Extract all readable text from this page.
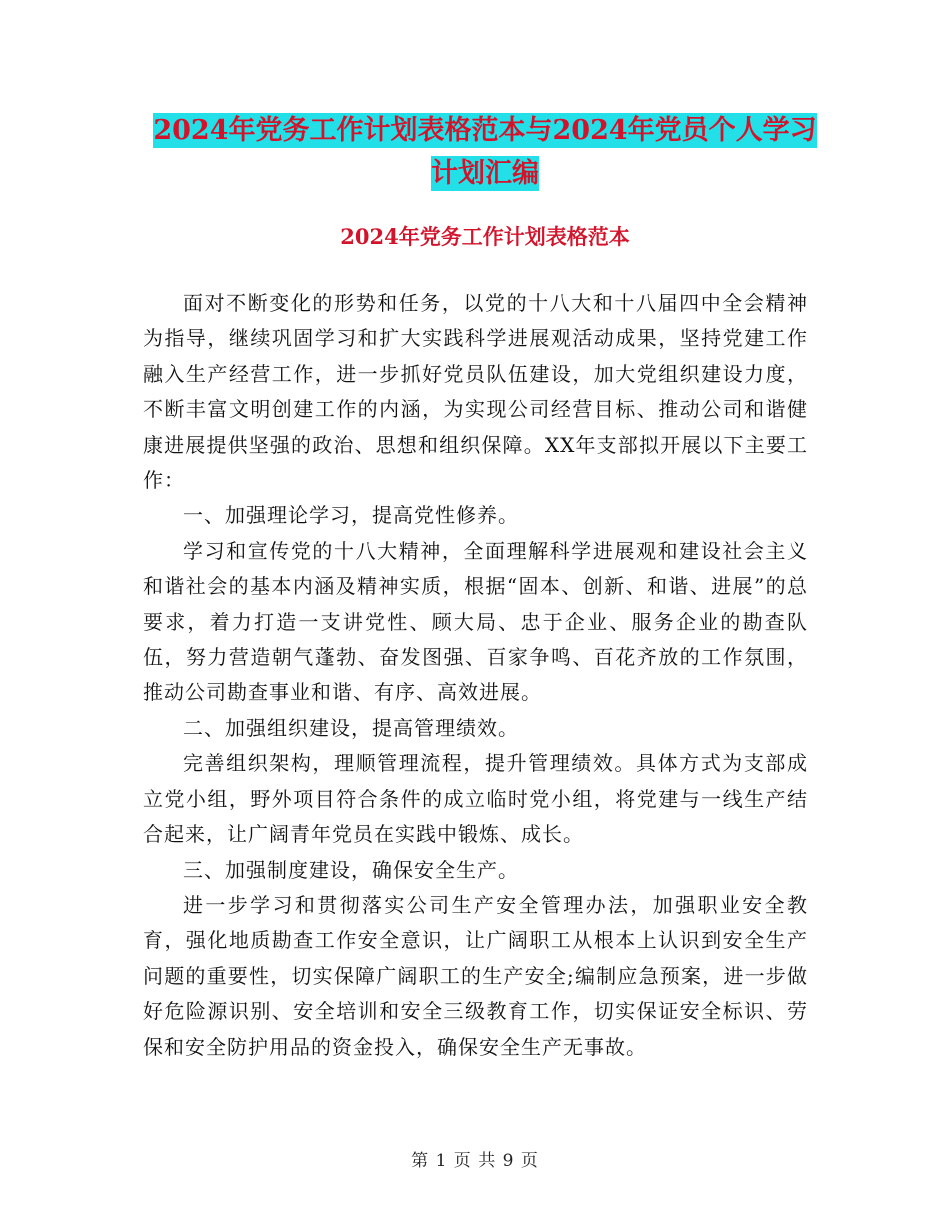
2024年党务工作计划表格范本与2024年党员个人学习
计划汇编
2024年党务工作计划表格范本

面对不断变化的形势和任务，以党的十八大和十八届四中全会精神为指导，继续巩固学习和扩大实践科学进展观活动成果，坚持党建工作融入生产经营工作，进一步抓好党员队伍建设，加大党组织建设力度，不断丰富文明创建工作的内涵，为实现公司经营目标、推动公司和谐健康进展提供坚强的政治、思想和组织保障。XX年支部拟开展以下主要工作：

一、加强理论学习，提高党性修养。

学习和宣传党的十八大精神，全面理解科学进展观和建设社会主义和谐社会的基本内涵及精神实质，根据“固本、创新、和谐、进展”的总要求，着力打造一支讲党性、顾大局、忠于企业、服务企业的勘查队伍，努力营造朝气蓬勃、奋发图强、百家争鸣、百花齐放的工作氛围，推动公司勘查事业和谐、有序、高效进展。

二、加强组织建设，提高管理绩效。

完善组织架构，理顺管理流程，提升管理绩效。具体方式为支部成立党小组，野外项目符合条件的成立临时党小组，将党建与一线生产结合起来，让广阔青年党员在实践中锻炼、成长。

三、加强制度建设，确保安全生产。

进一步学习和贯彻落实公司生产安全管理办法，加强职业安全教育，强化地质勘查工作安全意识，让广阔职工从根本上认识到安全生产问题的重要性，切实保障广阔职工的生产安全;编制应急预案，进一步做好危险源识别、安全培训和安全三级教育工作，切实保证安全标识、劳保和安全防护用品的资金投入，确保安全生产无事故。

第 1 页 共 9 页
